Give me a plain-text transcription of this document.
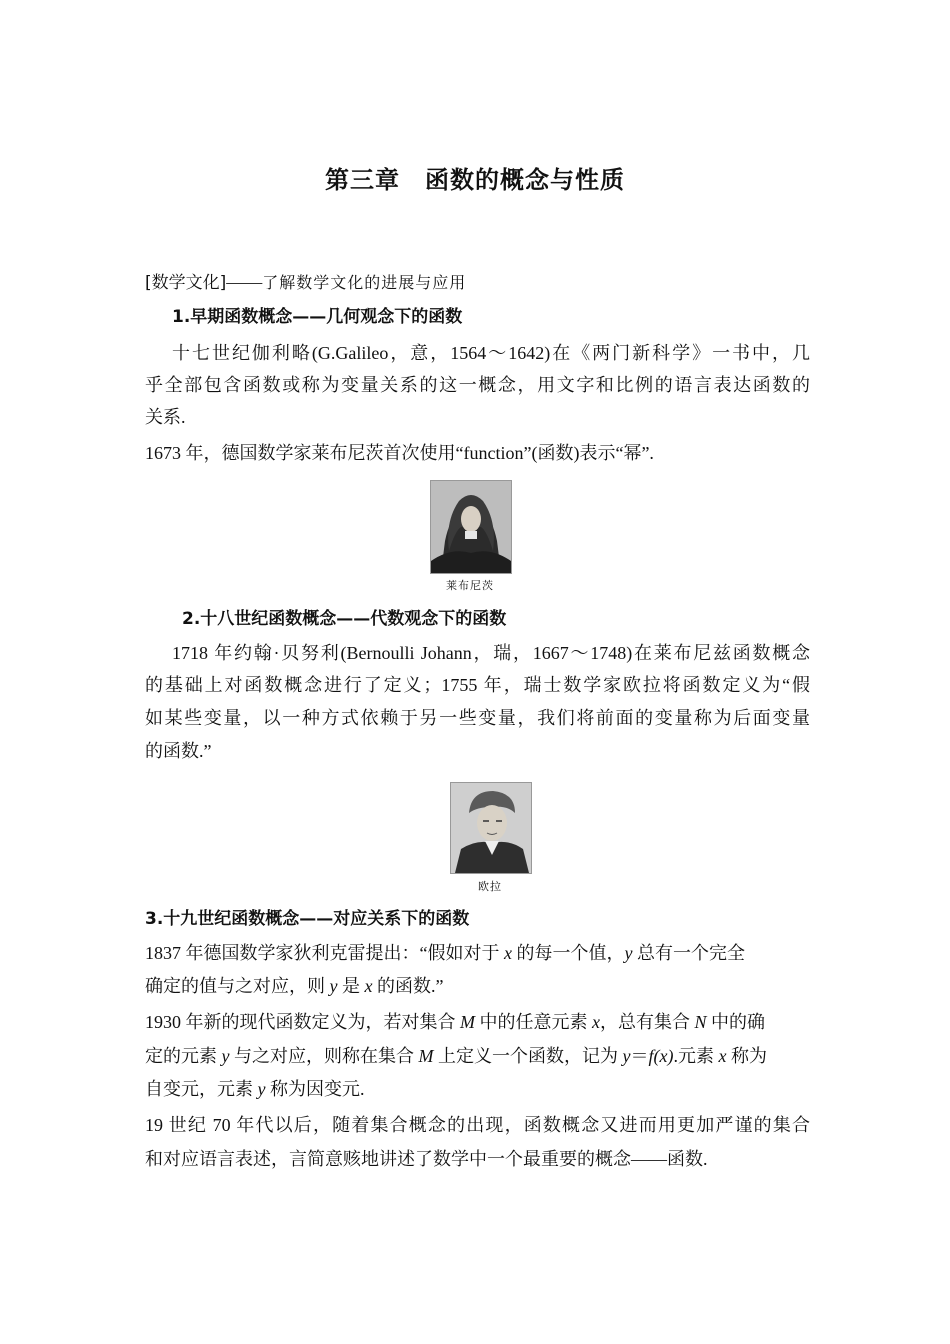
第三章　函数的概念与性质
[数学文化]——了解数学文化的进展与应用
1.早期函数概念——几何观念下的函数
十七世纪伽利略(G.Galileo，意，1564～1642)在《两门新科学》一书中，几
乎全部包含函数或称为变量关系的这一概念，用文字和比例的语言表达函数的
关系.
1673 年，德国数学家莱布尼茨首次使用“function”(函数)表示“幂”.
莱布尼茨
2.十八世纪函数概念——代数观念下的函数
1718 年约翰·贝努利(Bernoulli Johann，瑞，1667～1748)在莱布尼兹函数概念
的基础上对函数概念进行了定义；1755 年，瑞士数学家欧拉将函数定义为“假
如某些变量，以一种方式依赖于另一些变量，我们将前面的变量称为后面变量
的函数.”
欧拉
3.十九世纪函数概念——对应关系下的函数
1837 年德国数学家狄利克雷提出：“假如对于 x 的每一个值，y 总有一个完全
确定的值与之对应，则 y 是 x 的函数.”
1930 年新的现代函数定义为，若对集合 M 中的任意元素 x，总有集合 N 中的确
定的元素 y 与之对应，则称在集合 M 上定义一个函数，记为 y＝f(x).元素 x 称为
自变元，元素 y 称为因变元.
19 世纪 70 年代以后，随着集合概念的出现，函数概念又进而用更加严谨的集合
和对应语言表述，言简意赅地讲述了数学中一个最重要的概念——函数.
